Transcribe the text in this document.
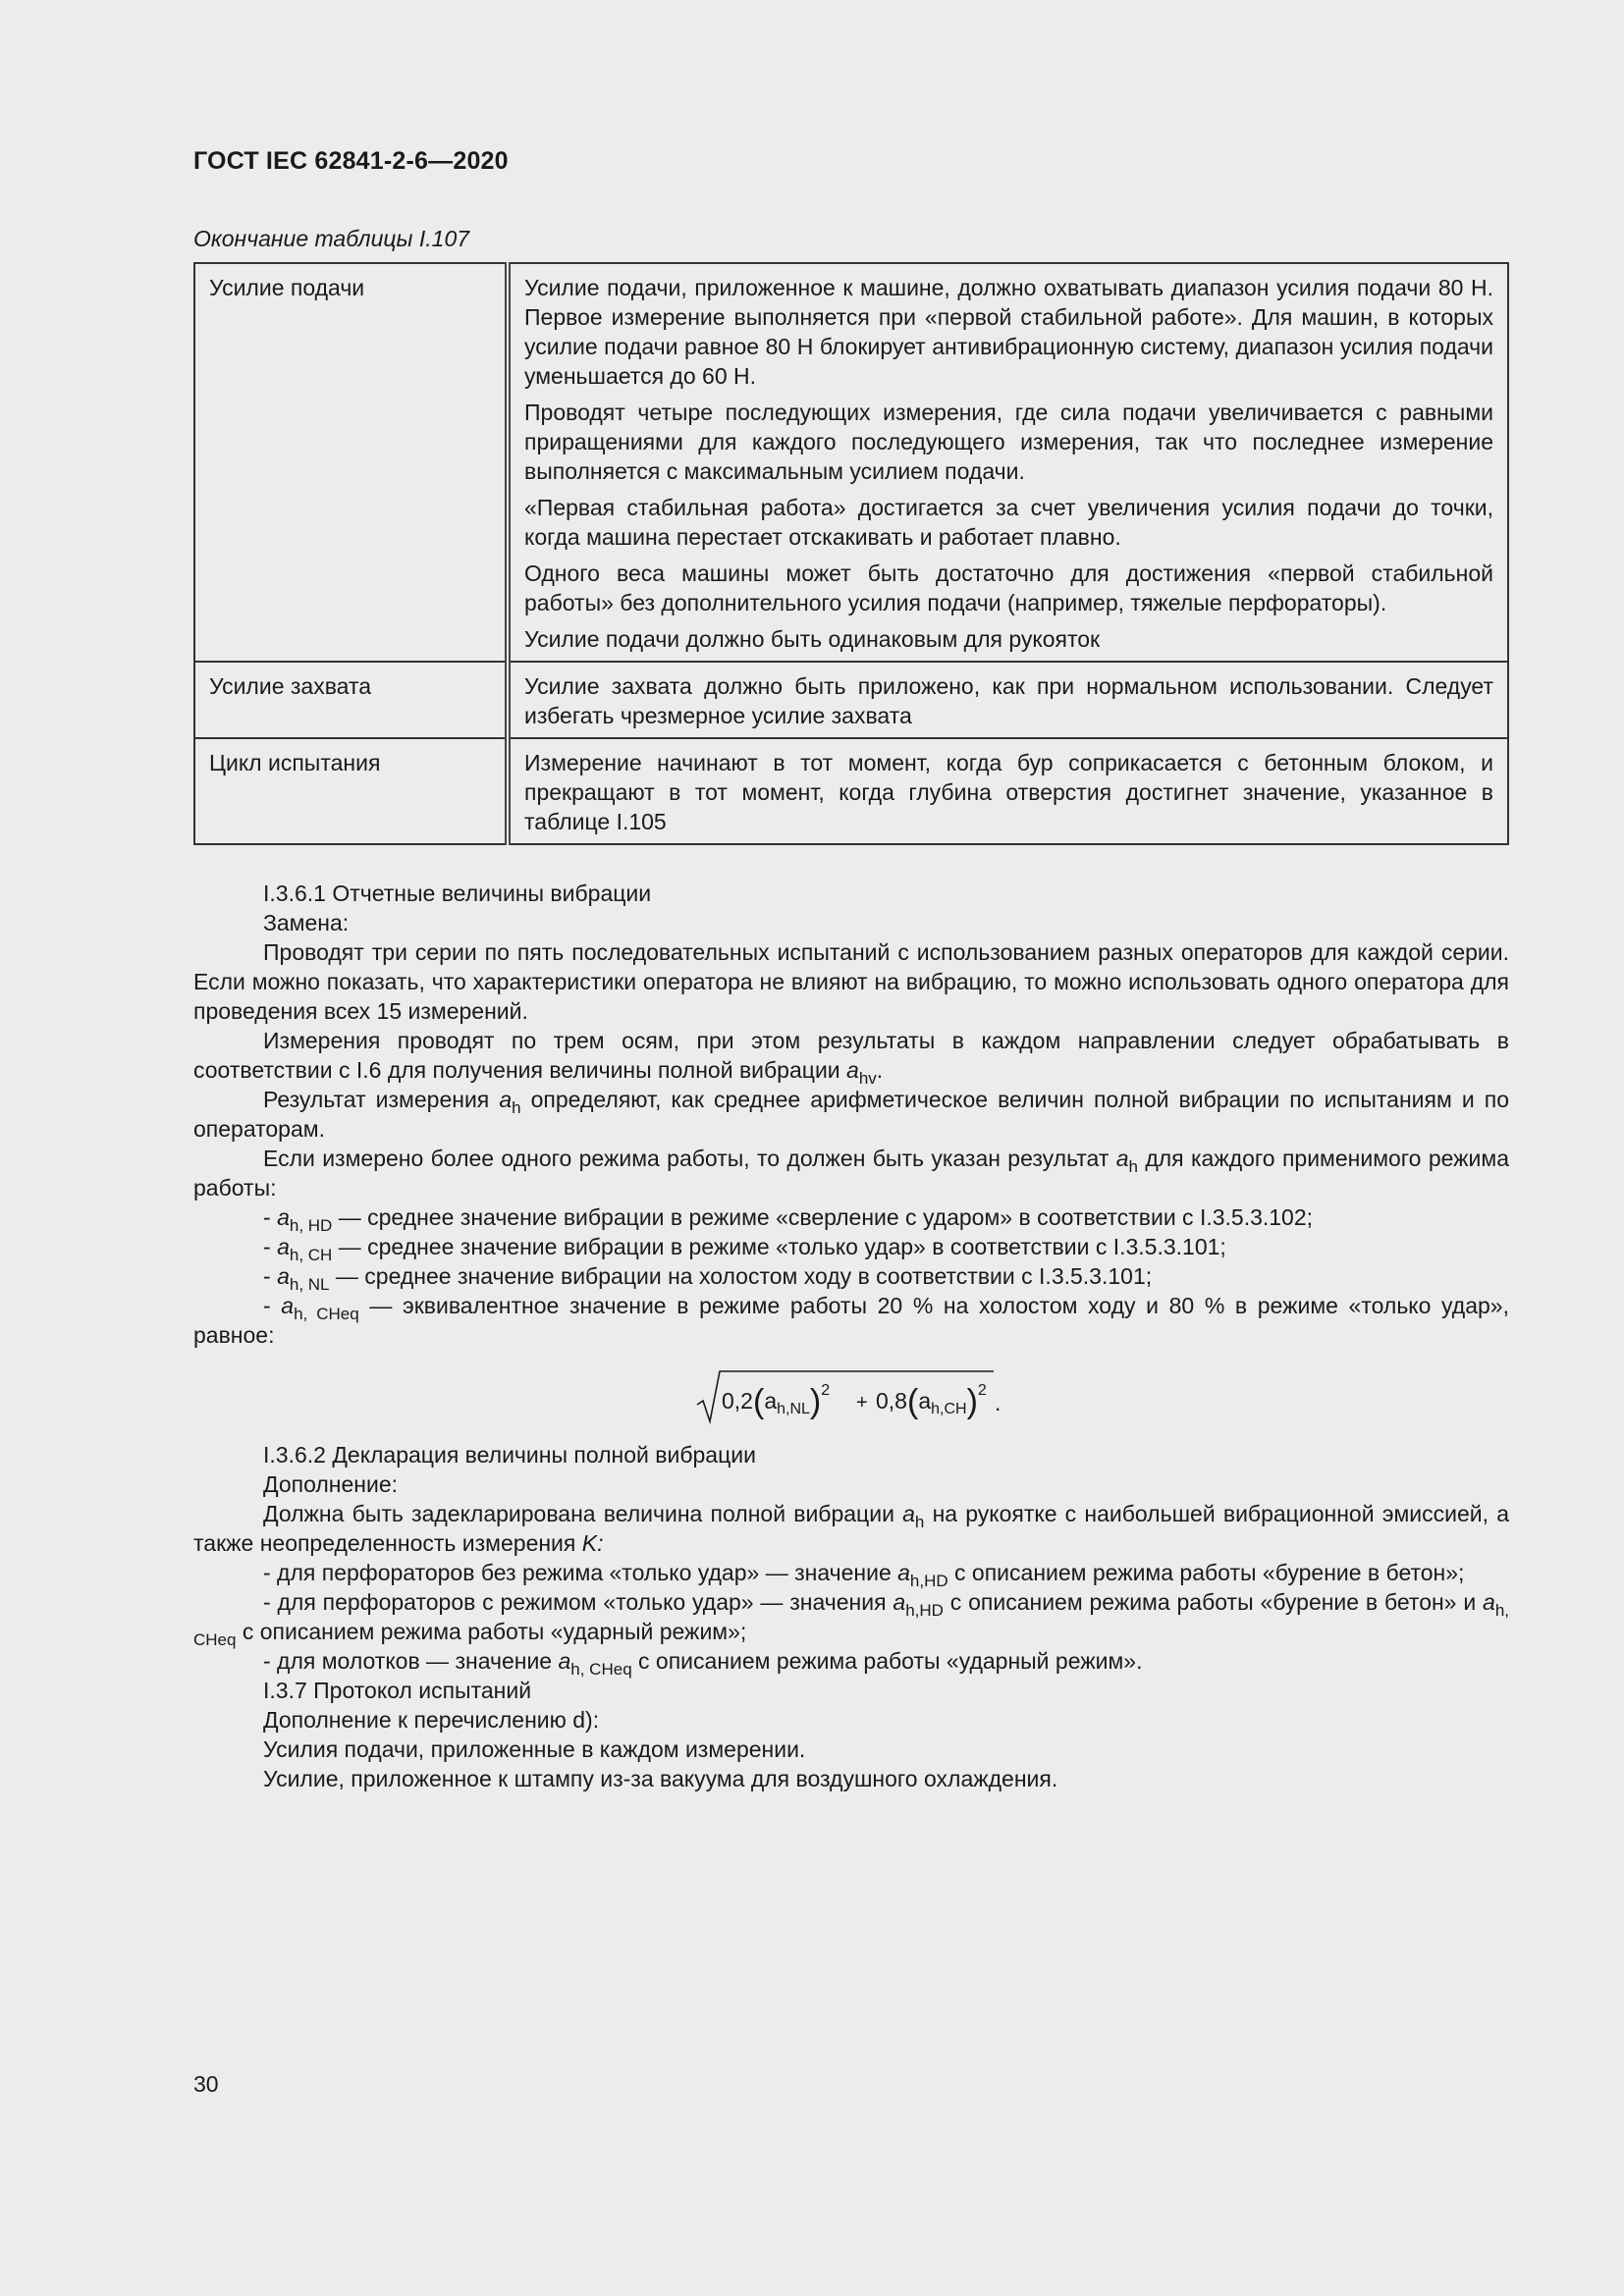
ГОСТ IEC 62841-2-6—2020
Окончание таблицы I.107
Усилие подачи	Усилие подачи, приложенное к машине, должно охватывать диапазон усилия подачи 80 Н. Первое измерение выполняется при «первой стабильной работе». Для машин, в которых усилие подачи равное 80 Н блокирует антивибрационную систему, диапазон усилия подачи уменьшается до 60 Н.

Проводят четыре последующих измерения, где сила подачи увеличивается с равными приращениями для каждого последующего измерения, так что последнее измерение выполняется с максимальным усилием подачи.

«Первая стабильная работа» достигается за счет увеличения усилия подачи до точки, когда машина перестает отскакивать и работает плавно.

Одного веса машины может быть достаточно для достижения «первой стабильной работы» без дополнительного усилия подачи (например, тяжелые перфораторы).

Усилие подачи должно быть одинаковым для рукояток

Усилие захвата	Усилие захвата должно быть приложено, как при нормальном использовании. Следует избегать чрезмерное усилие захвата

Цикл испытания	Измерение начинают в тот момент, когда бур соприкасается с бетонным блоком, и прекращают в тот момент, когда глубина отверстия достигнет значение, указанное в таблице I.105

I.3.6.1 Отчетные величины вибрации

Замена:

Проводят три серии по пять последовательных испытаний с использованием разных операторов для каждой серии. Если можно показать, что характеристики оператора не влияют на вибрацию, то можно использовать одного оператора для проведения всех 15 измерений.

Измерения проводят по трем осям, при этом результаты в каждом направлении следует обрабатывать в соответствии с I.6 для получения величины полной вибрации $a_{hv}$.

Результат измерения $a_h$ определяют, как среднее арифметическое величин полной вибрации по испытаниям и по операторам.

Если измерено более одного режима работы, то должен быть указан результат $a_h$ для каждого применимого режима работы:

- $a_{h, HD}$ — среднее значение вибрации в режиме «сверление с ударом» в соответствии с I.3.5.3.102;

- $a_{h, CH}$ — среднее значение вибрации в режиме «только удар» в соответствии с I.3.5.3.101;

- $a_{h, NL}$ — среднее значение вибрации на холостом ходу в соответствии с I.3.5.3.101;

- $a_{h, CHeq}$ — эквивалентное значение в режиме работы 20 % на холостом ходу и 80 % в режиме «только удар», равное:

$0,2(a_{h,NL})^2$
+ $0,8(a_{h,CH})^2$ .

I.3.6.2 Декларация величины полной вибрации

Дополнение:

Должна быть задекларирована величина полной вибрации $a_h$ на рукоятке с наибольшей вибрационной эмиссией, а также неопределенность измерения K:

- для перфораторов без режима «только удар» — значение $a_{h,HD}$ с описанием режима работы «бурение в бетон»;

- для перфораторов с режимом «только удар» — значения $a_{h,HD}$ с описанием режима работы «бурение в бетон» и $a_{h, CHeq}$ с описанием режима работы «ударный режим»;

- для молотков — значение $a_{h, CHeq}$ с описанием режима работы «ударный режим».

I.3.7 Протокол испытаний

Дополнение к перечислению d):

Усилия подачи, приложенные в каждом измерении.

Усилие, приложенное к штампу из-за вакуума для воздушного охлаждения.

30
